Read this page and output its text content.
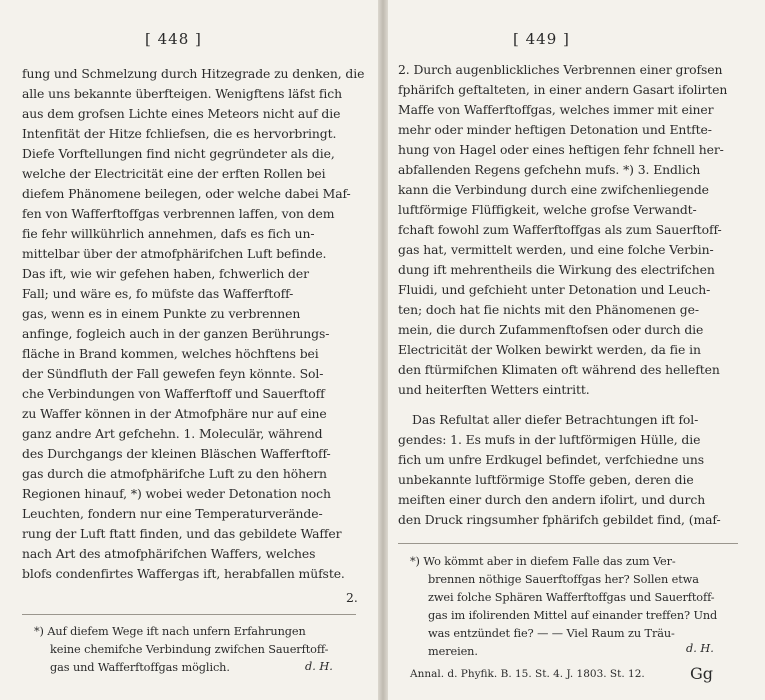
[ 448 ]
fung und Schmelzung durch Hitzegrade zu denken, die
alle uns bekannte überfteigen. Wenigftens läfst fich
aus dem grofsen Lichte eines Meteors nicht auf die
Intenfität der Hitze fchliefsen, die es hervorbringt.
Diefe Vorftellungen find nicht gegründeter als die,
welche der Electricität eine der erften Rollen bei
diefem Phänomene beilegen, oder welche dabei Maf-
fen von Wafferftoffgas verbrennen laffen, von dem
fie fehr willkührlich annehmen, dafs es fich un-
mittelbar über der atmofphärifchen Luft befinde.
Das ift, wie wir gefehen haben, fchwerlich der
Fall; und wäre es, fo müfste das Wafferftoff-
gas, wenn es in einem Punkte zu verbrennen
anfinge, fogleich auch in der ganzen Berührungs-
fläche in Brand kommen, welches höchftens bei
der Sündfluth der Fall gewefen feyn könnte. Sol-
che Verbindungen von Wafferftoff und Sauerftoff
zu Waffer können in der Atmofphäre nur auf eine
ganz andre Art gefchehn. 1. Moleculär, während
des Durchgangs der kleinen Bläschen Wafferftoff-
gas durch die atmofphärifche Luft zu den höhern
Regionen hinauf, *) wobei weder Detonation noch
Leuchten, fondern nur eine Temperaturverände-
rung der Luft ftatt finden, und das gebildete Waffer
nach Art des atmofphärifchen Waffers, welches
blofs condenfirtes Waffergas ift, herabfallen müfste.
2.
*) Auf diefem Wege ift nach unfern Erfahrungen
keine chemifche Verbindung zwifchen Sauerftoff-
gas und Wafferftoffgas möglich.	d. H.
[ 449 ]
2. Durch augenblickliches Verbrennen einer grofsen
fphärifch geftalteten, in einer andern Gasart ifolirten
Maffe von Wafferftoffgas, welches immer mit einer
mehr oder minder heftigen Detonation und Entfte-
hung von Hagel oder eines heftigen fehr fchnell her-
abfallenden Regens gefchehn mufs. *) 3. Endlich
kann die Verbindung durch eine zwifchenliegende
luftförmige Flüffigkeit, welche grofse Verwandt-
fchaft fowohl zum Wafferftoffgas als zum Sauerftoff-
gas hat, vermittelt werden, und eine folche Verbin-
dung ift mehrentheils die Wirkung des electrifchen
Fluidi, und gefchieht unter Detonation und Leuch-
ten; doch hat fie nichts mit den Phänomenen ge-
mein, die durch Zufammenftofsen oder durch die
Electricität der Wolken bewirkt werden, da fie in
den ftürmifchen Klimaten oft während des helleften
und heiterften Wetters eintritt.
Das Refultat aller diefer Betrachtungen ift fol-
gendes: 1. Es mufs in der luftförmigen Hülle, die
fich um unfre Erdkugel befindet, verfchiedne uns
unbekannte luftförmige Stoffe geben, deren die
meiften einer durch den andern ifolirt, und durch
den Druck ringsumher fphärifch gebildet find, (maf-
*) Wo kömmt aber in diefem Falle das zum Ver-
brennen nöthige Sauerftoffgas her? Sollen etwa
zwei folche Sphären Wafferftoffgas und Sauerftoff-
gas im ifolirenden Mittel auf einander treffen? Und
was entzündet fie? — — Viel Raum zu Träu-
mereien.	d. H.
Annal. d. Phyfik. B. 15. St. 4. J. 1803. St. 12.	Gg
